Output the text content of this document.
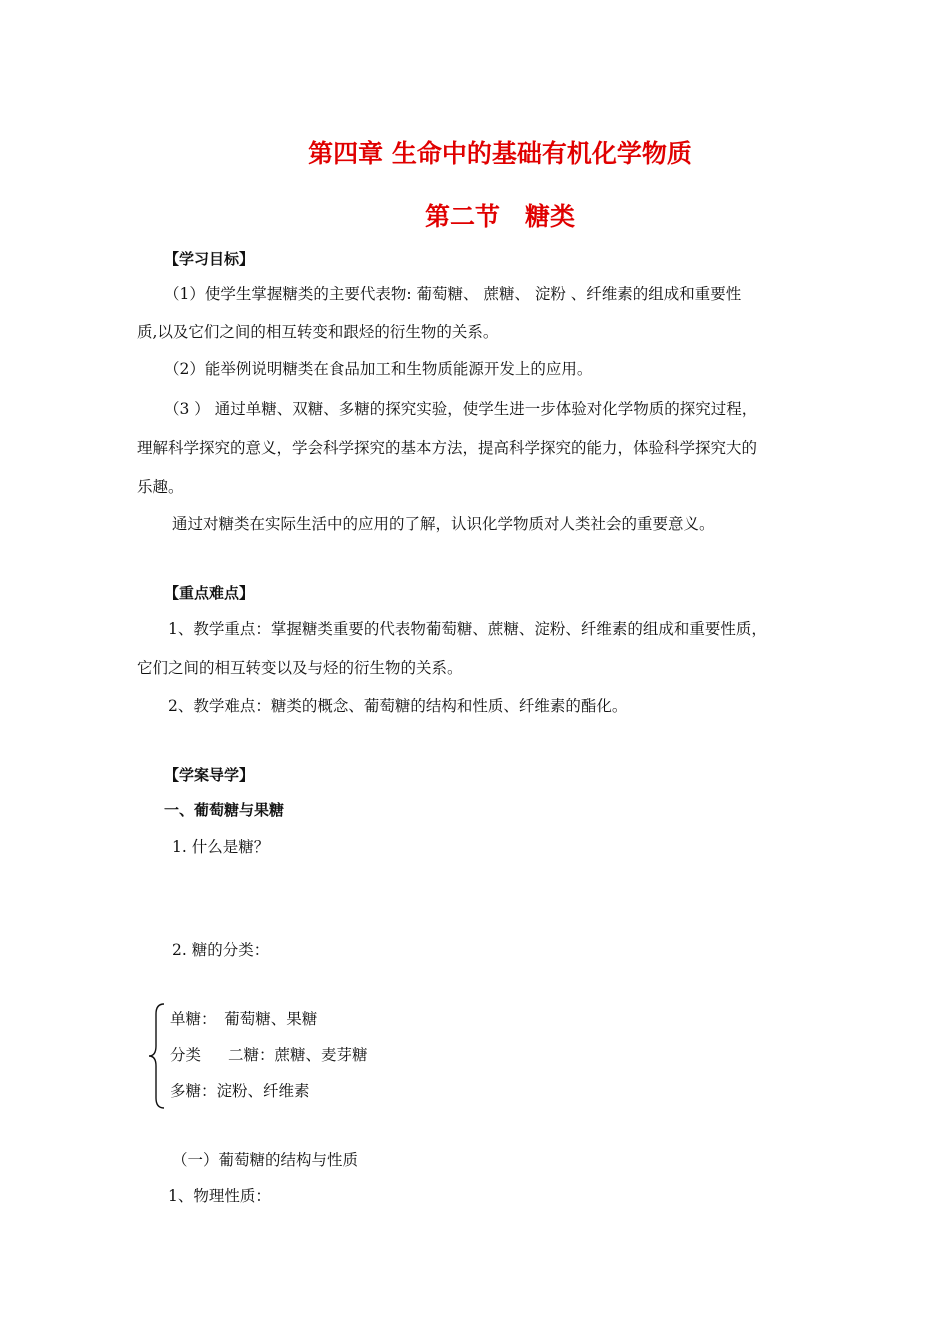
第四章 生命中的基础有机化学物质
第二节　糖类
【学习目标】
（1）使学生掌握糖类的主要代表物: 葡萄糖、 蔗糖、 淀粉 、纤维素的组成和重要性
质,以及它们之间的相互转变和跟烃的衍生物的关系。
（2）能举例说明糖类在食品加工和生物质能源开发上的应用。
（3 ） 通过单糖、双糖、多糖的探究实验，使学生进一步体验对化学物质的探究过程，
理解科学探究的意义，学会科学探究的基本方法，提高科学探究的能力，体验科学探究大的
乐趣。
通过对糖类在实际生活中的应用的了解，认识化学物质对人类社会的重要意义。
【重点难点】
1、教学重点：掌握糖类重要的代表物葡萄糖、蔗糖、淀粉、纤维素的组成和重要性质，
它们之间的相互转变以及与烃的衍生物的关系。
2、教学难点：糖类的概念、葡萄糖的结构和性质、纤维素的酯化。
【学案导学】
一、葡萄糖与果糖
1. 什么是糖？
2. 糖的分类：
单糖：　葡萄糖、果糖
分类 二糖：蔗糖、麦芽糖
多糖：淀粉、纤维素
（一）葡萄糖的结构与性质
1、物理性质：
